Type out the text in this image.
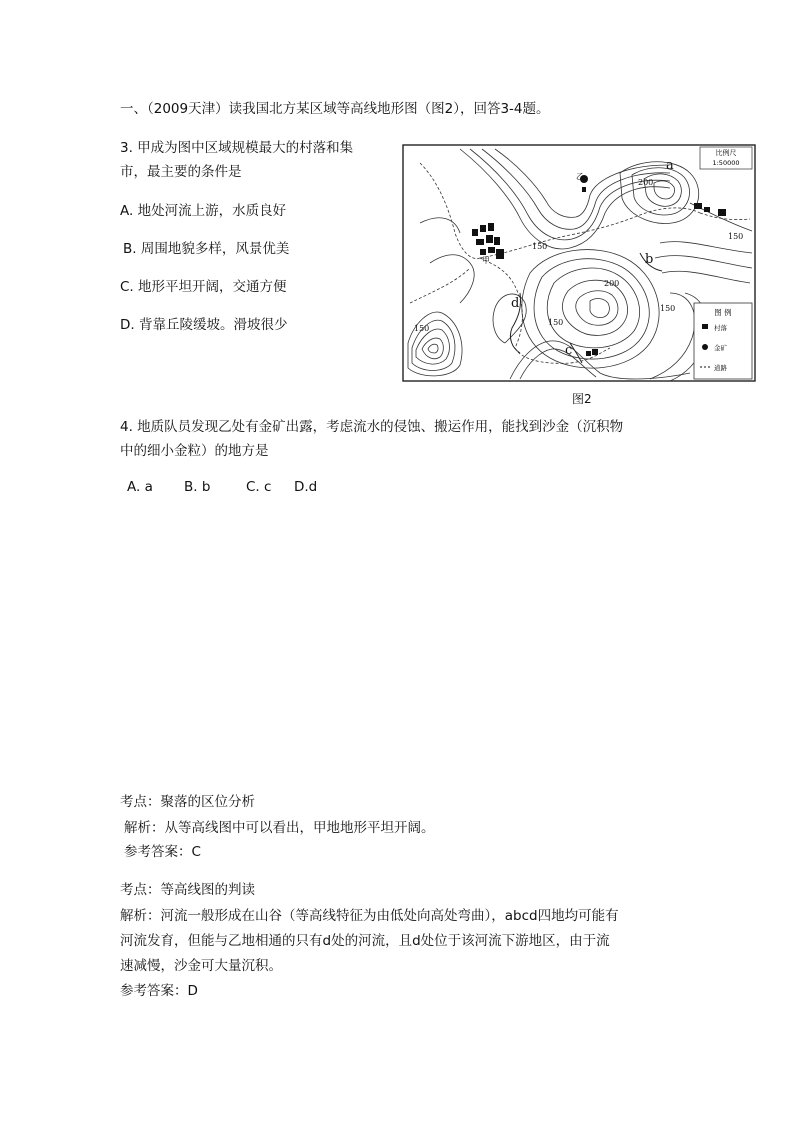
一、（2009天津）读我国北方某区域等高线地形图（图2），回答3-4题。
3. 甲成为图中区域规模最大的村落和集
市，最主要的条件是
A. 地处河流上游，水质良好
B. 周围地貌多样，风景优美
C. 地形平坦开阔，交通方便
D. 背靠丘陵缓坡。滑坡很少
比例尺
1:50000
图 例
村落
金矿
道路
200
150
150
200
150
150
150
a
b
c
d
乙
甲
图2
4. 地质队员发现乙处有金矿出露，考虑流水的侵蚀、搬运作用，能找到沙金（沉积物
中的细小金粒）的地方是
A. a B. b	C. c D.d
考点：聚落的区位分析
解析：从等高线图中可以看出，甲地地形平坦开阔。
参考答案：C
考点：等高线图的判读
解析：河流一般形成在山谷（等高线特征为由低处向高处弯曲），abcd四地均可能有
河流发育，但能与乙地相通的只有d处的河流，且d处位于该河流下游地区，由于流
速减慢，沙金可大量沉积。
参考答案：D
